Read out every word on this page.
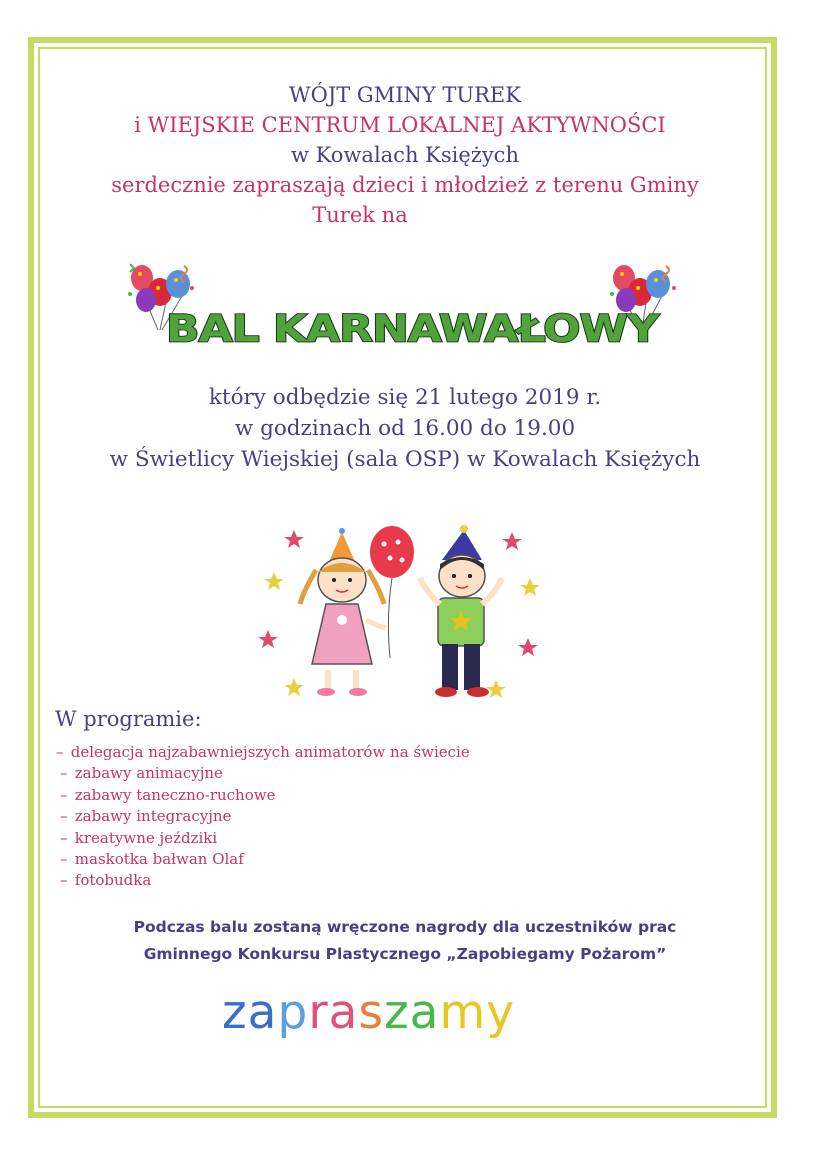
WÓJT GMINY TUREK
i WIEJSKIE CENTRUM LOKALNEJ AKTYWNOŚCI
w Kowalach Księżych
serdecznie zapraszają dzieci i młodzież z terenu Gminy
Turek na
BAL KARNAWAŁOWY
który odbędzie się 21 lutego 2019 r.
w godzinach od 16.00 do 19.00
w Świetlicy Wiejskiej (sala OSP) w Kowalach Księżych
W programie:
– delegacja najzabawniejszych animatorów na świecie
– zabawy animacyjne
– zabawy taneczno-ruchowe
– zabawy integracyjne
– kreatywne jeździki
– maskotka bałwan Olaf
– fotobudka
Podczas balu zostaną wręczone nagrody dla uczestników prac
Gminnego Konkursu Plastycznego „Zapobiegamy Pożarom”
zapraszamy
